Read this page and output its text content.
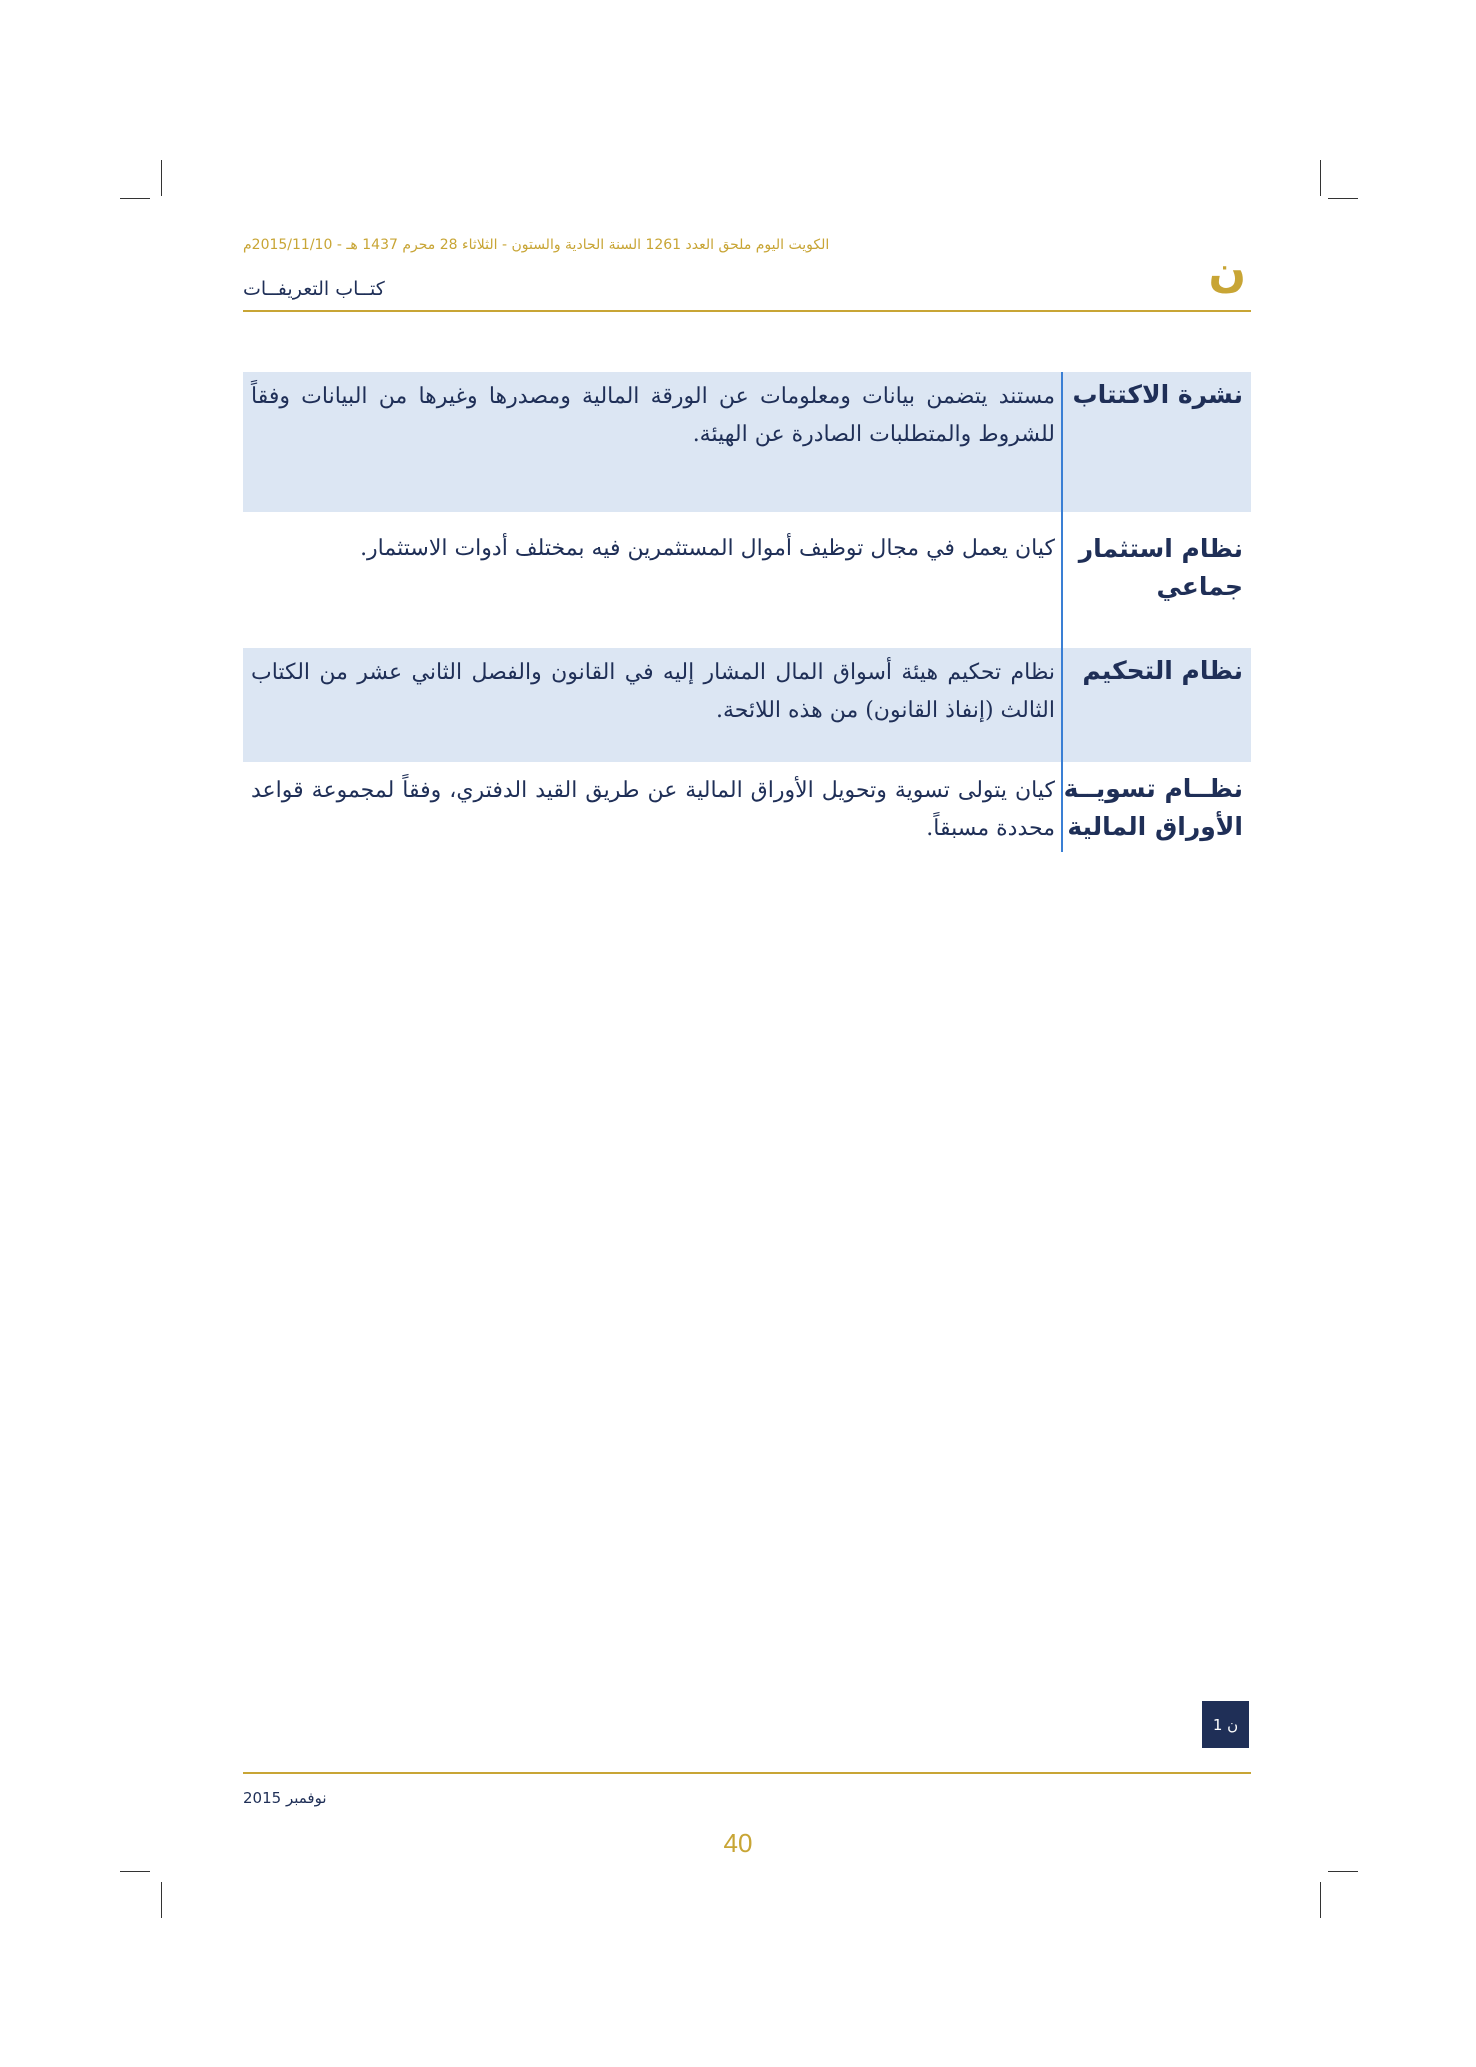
الكويت اليوم ملحق العدد 1261 السنة الحادية والستون - الثلاثاء 28 محرم 1437 هـ - 2015/11/10م
ن
كتــاب التعريفــات
نشرة الاكتتاب
مستند يتضمن بيانات ومعلومات عن الورقة المالية ومصدرها وغيرها من البيانات وفقاً للشروط والمتطلبات الصادرة عن الهيئة.
نظام استثمار جماعي
كيان يعمل في مجال توظيف أموال المستثمرين فيه بمختلف أدوات الاستثمار.
نظام التحكيم
نظام تحكيم هيئة أسواق المال المشار إليه في القانون والفصل الثاني عشر من الكتاب الثالث (إنفاذ القانون) من هذه اللائحة.
نظــام تسويــة الأوراق المالية
كيان يتولى تسوية وتحويل الأوراق المالية عن طريق القيد الدفتري، وفقاً لمجموعة قواعد محددة مسبقاً.
ن 1
نوفمبر 2015
40
